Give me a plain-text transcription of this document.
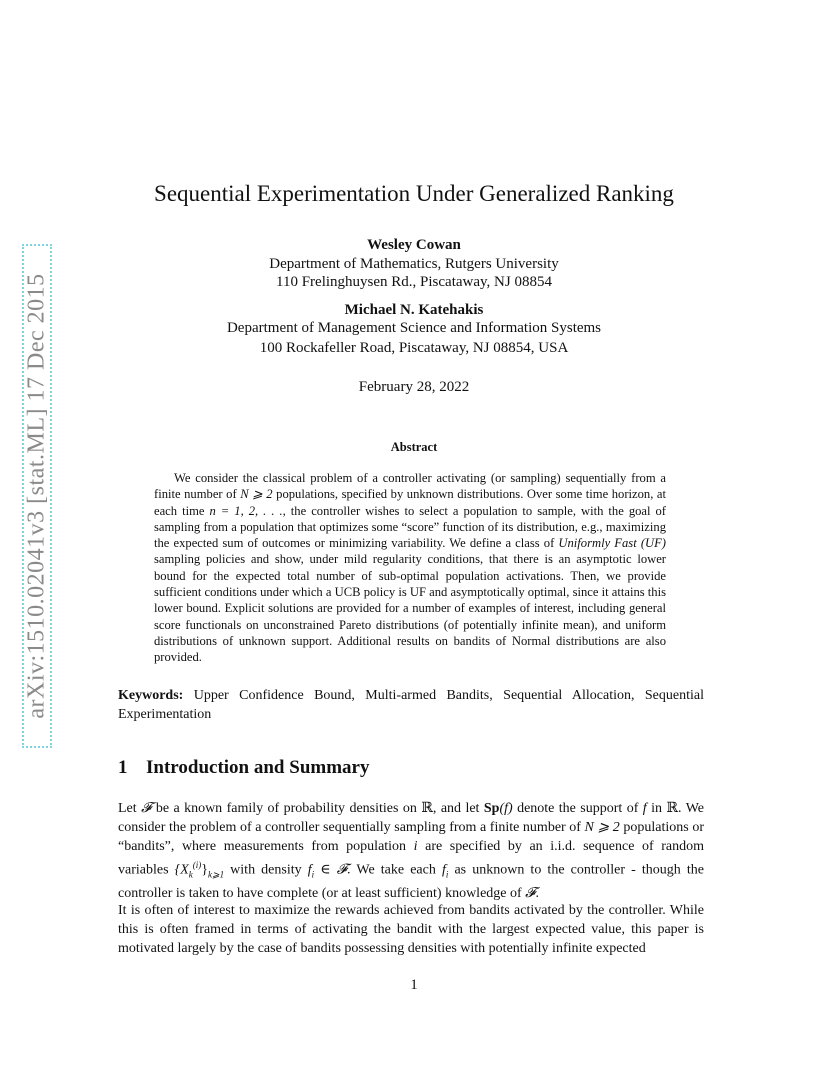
arXiv:1510.02041v3 [stat.ML] 17 Dec 2015
Sequential Experimentation Under Generalized Ranking
Wesley Cowan
Department of Mathematics, Rutgers University
110 Frelinghuysen Rd., Piscataway, NJ 08854
Michael N. Katehakis
Department of Management Science and Information Systems
100 Rockafeller Road, Piscataway, NJ 08854, USA
February 28, 2022
Abstract
We consider the classical problem of a controller activating (or sampling) sequentially from a finite number of N ⩾ 2 populations, specified by unknown distributions. Over some time horizon, at each time n = 1, 2, . . ., the controller wishes to select a population to sample, with the goal of sampling from a population that optimizes some “score” function of its distribution, e.g., maximizing the expected sum of outcomes or minimizing variability. We define a class of Uniformly Fast (UF) sampling policies and show, under mild regularity conditions, that there is an asymptotic lower bound for the expected total number of sub-optimal population activations. Then, we provide sufficient conditions under which a UCB policy is UF and asymptotically optimal, since it attains this lower bound. Explicit solutions are provided for a number of examples of interest, including general score functionals on unconstrained Pareto distributions (of potentially infinite mean), and uniform distributions of unknown support. Additional results on bandits of Normal distributions are also provided.
Keywords: Upper Confidence Bound, Multi-armed Bandits, Sequential Allocation, Sequential Experimentation
1 Introduction and Summary
Let 𝓕 be a known family of probability densities on ℝ, and let Sp(f) denote the support of f in ℝ. We consider the problem of a controller sequentially sampling from a finite number of N ⩾ 2 populations or “bandits”, where measurements from population i are specified by an i.i.d. sequence of random variables $\{X_k^{(i)}\}_{k⩾1}$ with density $f_i$ ∈ 𝓕. We take each $f_i$ as unknown to the controller - though the controller is taken to have complete (or at least sufficient) knowledge of 𝓕.
It is often of interest to maximize the rewards achieved from bandits activated by the controller. While this is often framed in terms of activating the bandit with the largest expected value, this paper is motivated largely by the case of bandits possessing densities with potentially infinite expected
1
